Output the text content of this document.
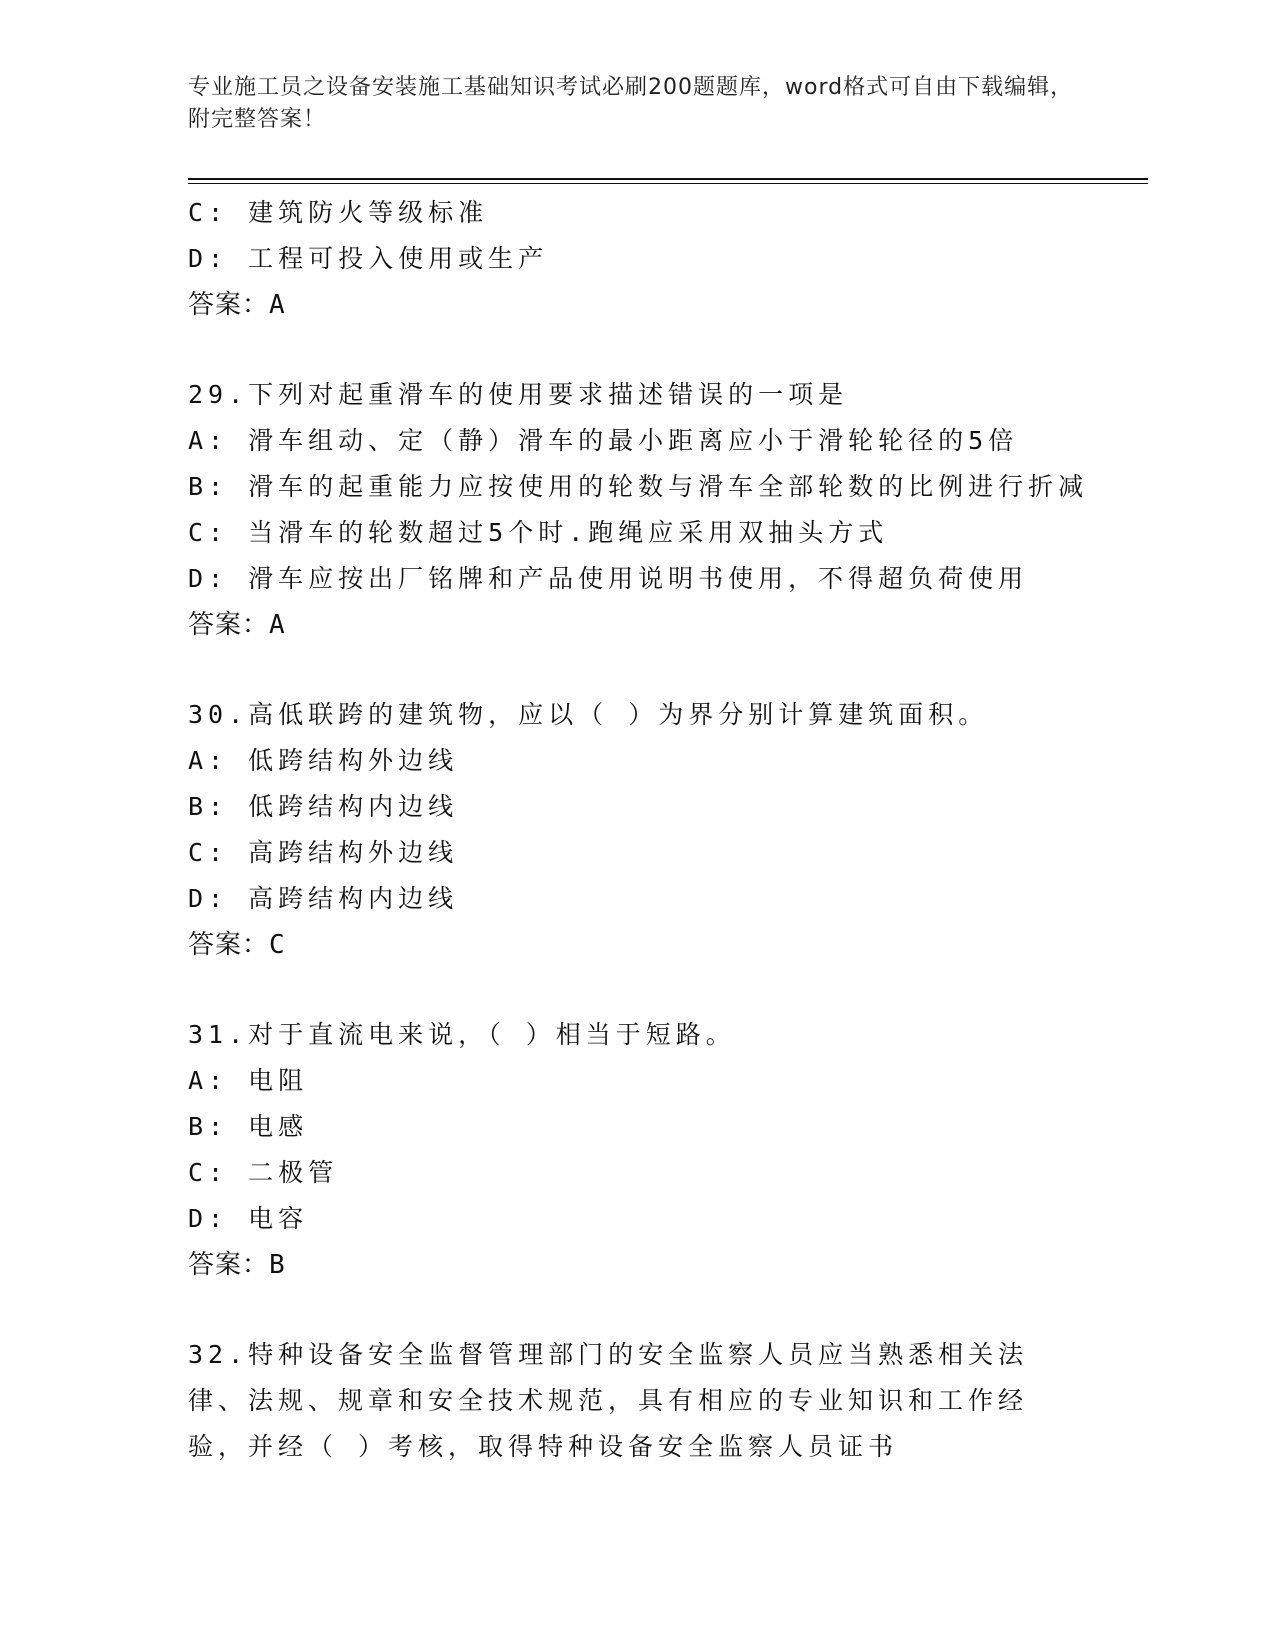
专业施工员之设备安装施工基础知识考试必刷200题题库，word格式可自由下载编辑，附完整答案！
C: 建筑防火等级标准
D: 工程可投入使用或生产
答案：A
29.下列对起重滑车的使用要求描述错误的一项是
A: 滑车组动、定（静）滑车的最小距离应小于滑轮轮径的5倍
B: 滑车的起重能力应按使用的轮数与滑车全部轮数的比例进行折减
C: 当滑车的轮数超过5个时.跑绳应采用双抽头方式
D: 滑车应按出厂铭牌和产品使用说明书使用，不得超负荷使用
答案：A
30.高低联跨的建筑物，应以（ ）为界分别计算建筑面积。
A: 低跨结构外边线
B: 低跨结构内边线
C: 高跨结构外边线
D: 高跨结构内边线
答案：C
31.对于直流电来说，（ ）相当于短路。
A: 电阻
B: 电感
C: 二极管
D: 电容
答案：B
32.特种设备安全监督管理部门的安全监察人员应当熟悉相关法律、法规、规章和安全技术规范，具有相应的专业知识和工作经验，并经（ ）考核，取得特种设备安全监察人员证书
